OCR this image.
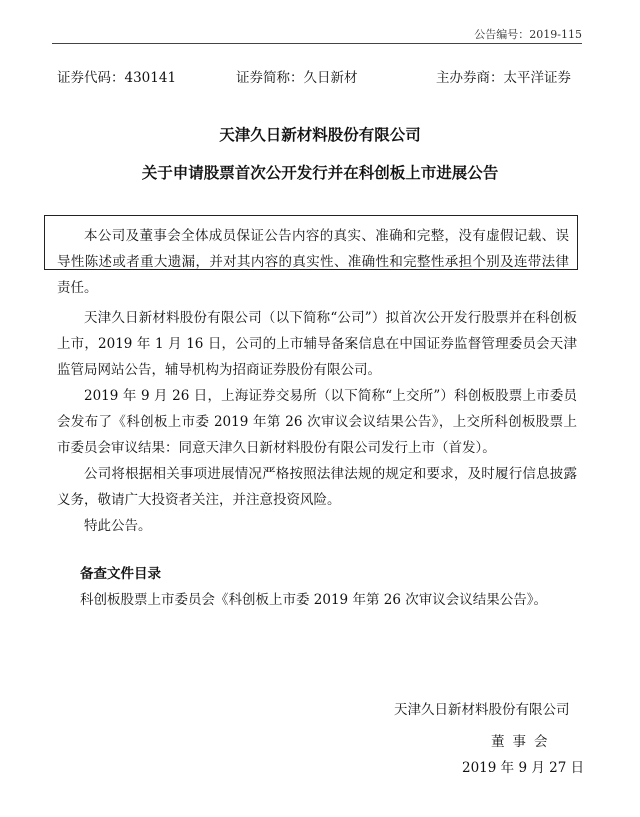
公告编号：2019-115
证券代码：430141	证券简称：久日新材	主办券商：太平洋证券
天津久日新材料股份有限公司
关于申请股票首次公开发行并在科创板上市进展公告
本公司及董事会全体成员保证公告内容的真实、准确和完整，没有虚假记载、误导性陈述或者重大遗漏，并对其内容的真实性、准确性和完整性承担个别及连带法律责任。
天津久日新材料股份有限公司（以下简称“公司”）拟首次公开发行股票并在科创板上市，2019 年 1 月 16 日，公司的上市辅导备案信息在中国证券监督管理委员会天津监管局网站公告，辅导机构为招商证券股份有限公司。
2019 年 9 月 26 日，上海证券交易所（以下简称“上交所”）科创板股票上市委员会发布了《科创板上市委 2019 年第 26 次审议会议结果公告》，上交所科创板股票上市委员会审议结果：同意天津久日新材料股份有限公司发行上市（首发）。
公司将根据相关事项进展情况严格按照法律法规的规定和要求，及时履行信息披露义务，敬请广大投资者关注，并注意投资风险。
特此公告。
备查文件目录
科创板股票上市委员会《科创板上市委 2019 年第 26 次审议会议结果公告》。
天津久日新材料股份有限公司
董事会
2019 年 9 月 27 日
